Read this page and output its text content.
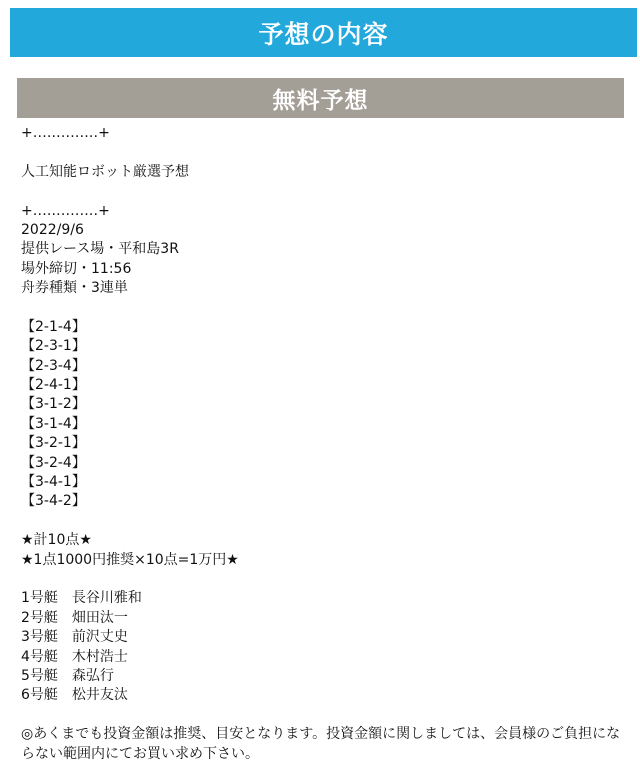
予想の内容
無料予想
+‥‥‥‥‥‥‥+
人工知能ロボット厳選予想
+‥‥‥‥‥‥‥+
2022/9/6
提供レース場・平和島3R
場外締切・11:56
舟券種類・3連単
【2-1-4】
【2-3-1】
【2-3-4】
【2-4-1】
【3-1-2】
【3-1-4】
【3-2-1】
【3-2-4】
【3-4-1】
【3-4-2】
★計10点★
★1点1000円推奨×10点=1万円★
1号艇　長谷川雅和
2号艇　畑田汰一
3号艇　前沢丈史
4号艇　木村浩士
5号艇　森弘行
6号艇　松井友汰
◎あくまでも投資金額は推奨、目安となります。投資金額に関しましては、会員様のご負担にならない範囲内にてお買い求め下さい。
